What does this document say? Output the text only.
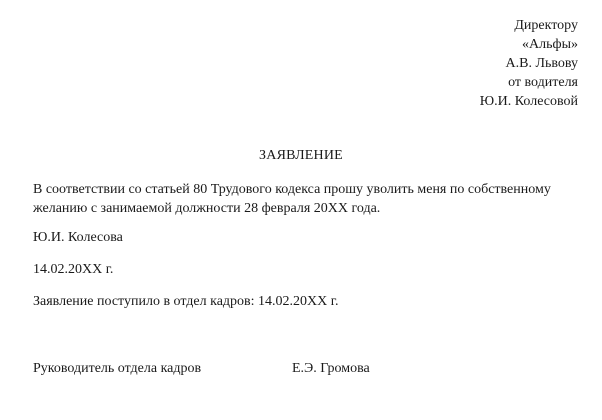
Директору
«Альфы»
А.В. Львову
от водителя
Ю.И. Колесовой
ЗАЯВЛЕНИЕ
В соответствии со статьей 80 Трудового кодекса прошу уволить меня по собственному желанию с занимаемой должности 28 февраля 20ХХ года.
Ю.И. Колесова
14.02.20ХХ г.
Заявление поступило в отдел кадров: 14.02.20ХХ г.
Руководитель отдела кадров	Е.Э. Громова
